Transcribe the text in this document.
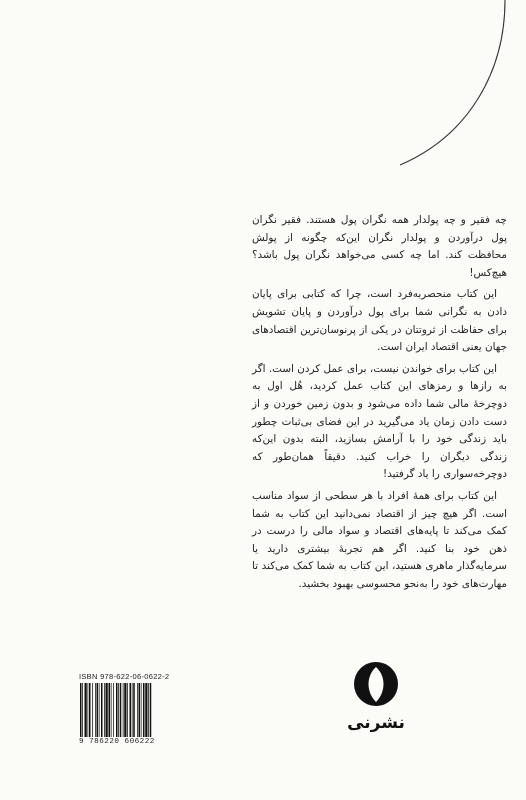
چه فقیر و چه پولدار همه نگران پول هستند. فقیر نگران پول درآوردن و پولدار نگران این‌که چگونه از پولش محافظت کند. اما چه کسی می‌خواهد نگران پول باشد؟ هیچ‌کس!

این کتاب منحصربه‌فرد است، چرا که کتابی برای پایان دادن به نگرانی شما برای پول درآوردن و پایان تشویش برای حفاظت از ثروتتان در یکی از پرنوسان‌ترین اقتصادهای جهان یعنی اقتصاد ایران است.

این کتاب برای خواندن نیست، برای عمل کردن است. اگر به رازها و رمزهای این کتاب عمل کردید، هُل اول به دوچرخهٔ مالی شما داده می‌شود و بدون زمین خوردن و از دست دادن زمان یاد می‌گیرید در این فضای بی‌ثبات چطور باید زندگی خود را با آرامش بسازید، البته بدون این‌که زندگی دیگران را خراب کنید. دقیقاً همان‌طور که دوچرخه‌سواری را یاد گرفتید!

این کتاب برای همهٔ افراد با هر سطحی از سواد مناسب است. اگر هیچ چیز از اقتصاد نمی‌دانید این کتاب به شما کمک می‌کند تا پایه‌های اقتصاد و سواد مالی را درست در ذهن خود بنا کنید. اگر هم تجربهٔ بیشتری دارید یا سرمایه‌گذار ماهری هستید، این کتاب به شما کمک می‌کند تا مهارت‌های خود را به‌نحو محسوسی بهبود بخشید.

ISBN 978-622-06-0622-2
9 786220 606222
نشرنی
